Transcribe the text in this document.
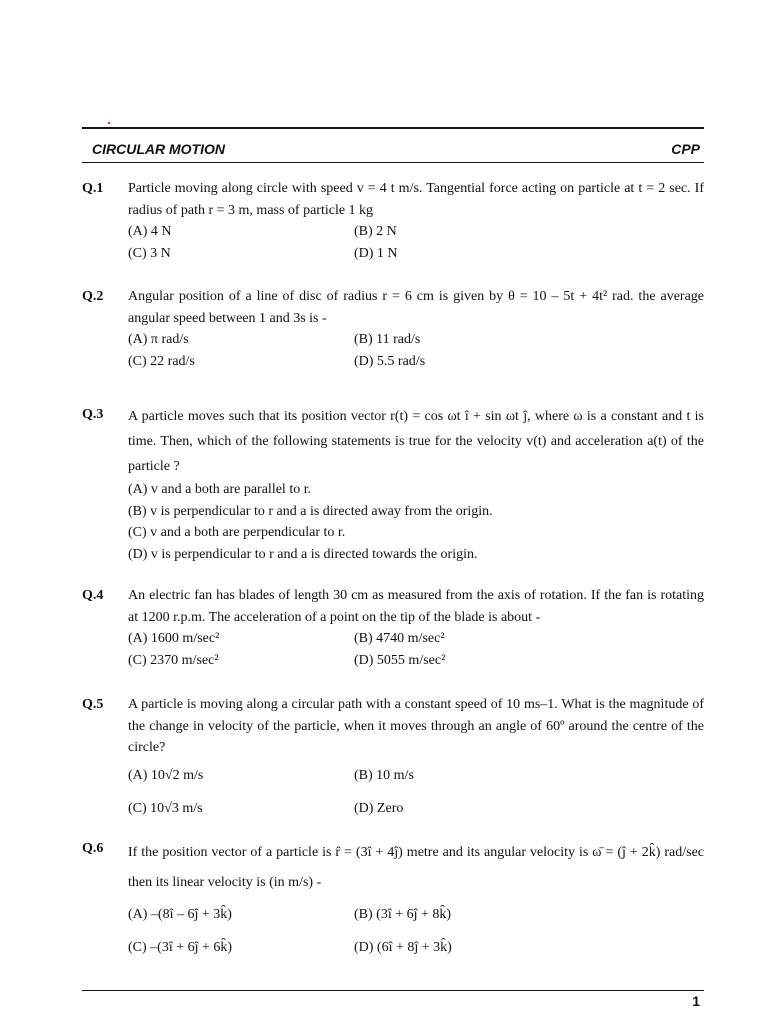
CIRCULAR MOTION	CPP
Q.1 Particle moving along circle with speed v = 4 t m/s. Tangential force acting on particle at t = 2 sec. If radius of path r = 3 m, mass of particle 1 kg
(A) 4 N	(B) 2 N
(C) 3 N	(D) 1 N
Q.2 Angular position of a line of disc of radius r = 6 cm is given by θ = 10 – 5t + 4t² rad. the average angular speed between 1 and 3s is -
(A) π rad/s	(B) 11 rad/s
(C) 22 rad/s	(D) 5.5 rad/s
Q.3 A particle moves such that its position vector r(t) = cos ωt î + sin ωt ĵ, where ω is a constant and t is time. Then, which of the following statements is true for the velocity v(t) and acceleration a(t) of the particle ?
(A) v and a both are parallel to r.
(B) v is perpendicular to r and a is directed away from the origin.
(C) v and a both are perpendicular to r.
(D) v is perpendicular to r and a is directed towards the origin.
Q.4 An electric fan has blades of length 30 cm as measured from the axis of rotation. If the fan is rotating at 1200 r.p.m. The acceleration of a point on the tip of the blade is about -
(A) 1600 m/sec²	(B) 4740 m/sec²
(C) 2370 m/sec²	(D) 5055 m/sec²
Q.5 A particle is moving along a circular path with a constant speed of 10 ms–1. What is the magnitude of the change in velocity of the particle, when it moves through an angle of 60º around the centre of the circle?
(A) 10√2 m/s	(B) 10 m/s
(C) 10√3 m/s	(D) Zero
Q.6 If the position vector of a particle is r̂ = (3î + 4ĵ) metre and its angular velocity is ω̄ = (ĵ + 2k̂) rad/sec then its linear velocity is (in m/s) -
(A) –(8î – 6ĵ + 3k̂)	(B) (3î + 6ĵ + 8k̂)
(C) –(3î + 6ĵ + 6k̂)	(D) (6î + 8ĵ + 3k̂)
1
